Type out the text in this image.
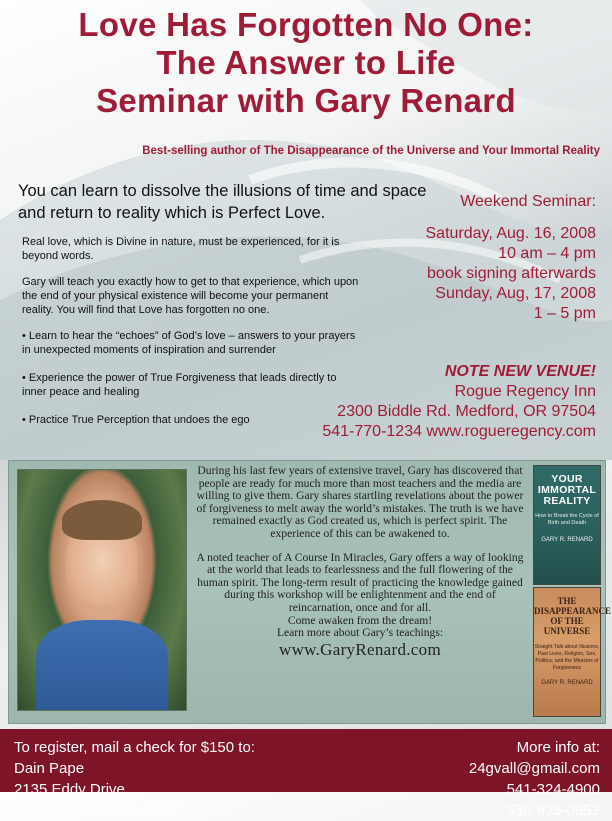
Love Has Forgotten No One:
The Answer to Life
Seminar with Gary Renard
Best-selling author of The Disappearance of the Universe and Your Immortal Reality
You can learn to dissolve the illusions of time and space and return to reality which is Perfect Love.

Real love, which is Divine in nature, must be experienced, for it is beyond words.

Gary will teach you exactly how to get to that experience, which upon the end of your physical existence will become your permanent reality. You will find that Love has forgotten no one.

• Learn to hear the “echoes” of God’s love – answers to your prayers in unexpected moments of inspiration and surrender

• Experience the power of True Forgiveness that leads directly to inner peace and healing

• Practice True Perception that undoes the ego

Weekend Seminar:
Saturday, Aug. 16, 2008
10 am – 4 pm
book signing afterwards
Sunday, Aug, 17, 2008
1 – 5 pm
NOTE NEW VENUE!
Rogue Regency Inn
2300 Biddle Rd. Medford, OR 97504
541-770-1234 www.rogueregency.com

During his last few years of extensive travel, Gary has discovered that people are ready for much more than most teachers and the media are willing to give them. Gary shares startling revelations about the power of forgiveness to melt away the world’s mistakes. The truth is we have remained exactly as God created us, which is perfect spirit. The experience of this can be awakened to.

A noted teacher of A Course In Miracles, Gary offers a way of looking at the world that leads to fearlessness and the full flowering of the human spirit. The long-term result of practicing the knowledge gained during this workshop will be enlightenment and the end of reincarnation, once and for all.

Come awaken from the dream!
Learn more about Gary’s teachings:
www.GaryRenard.com
YOUR IMMORTAL REALITY
How to Break the Cycle of Birth and Death
GARY R. RENARD
THE DISAPPEARANCE OF THE UNIVERSE
Straight Talk about Illusions, Past Lives, Religion, Sex, Politics, and the Miracles of Forgiveness
GARY R. RENARD
To register, mail a check for $150 to:
Dain Pape
2135 Eddy Drive
Mount Shasta, CA 96067
More info at:
24gvall@gmail.com
541-324-4900
530-925-0952
